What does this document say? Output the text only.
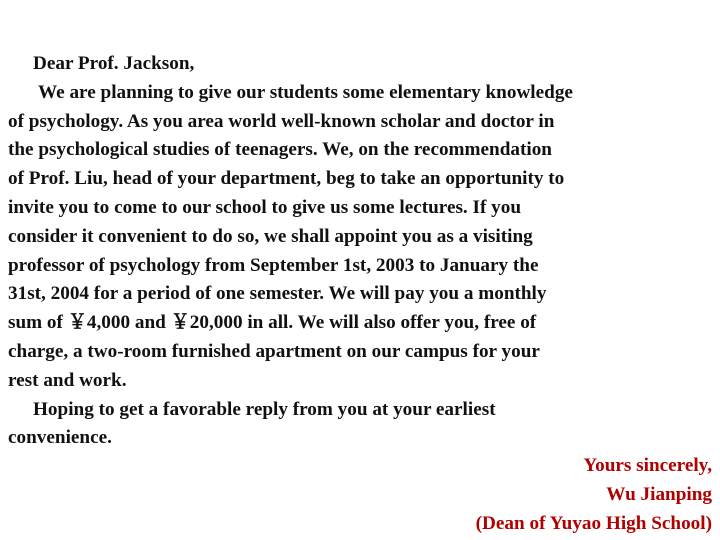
Dear Prof. Jackson,
We are planning to give our students some elementary knowledge
of psychology. As you area world well-known scholar and doctor in
the psychological studies of teenagers. We, on the recommendation
of Prof. Liu, head of your department, beg to take an opportunity to
invite you to come to our school to give us some lectures. If you
consider it convenient to do so, we shall appoint you as a visiting
professor of psychology from September 1st, 2003 to January the
31st, 2004 for a period of one semester. We will pay you a monthly
sum of ￥4,000 and ￥20,000 in all. We will also offer you, free of
charge, a two-room furnished apartment on our campus for your
rest and work.
Hoping to get a favorable reply from you at your earliest
convenience.
Yours sincerely,
Wu Jianping
(Dean of Yuyao High School)
